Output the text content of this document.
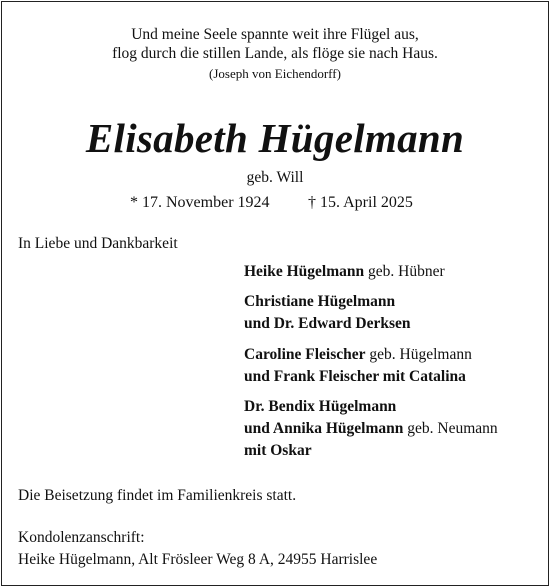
Und meine Seele spannte weit ihre Flügel aus,
flog durch die stillen Lande, als flöge sie nach Haus.
(Joseph von Eichendorff)
Elisabeth Hügelmann
geb. Will
* 17. November 1924 † 15. April 2025
In Liebe und Dankbarkeit
Heike Hügelmann geb. Hübner
Christiane Hügelmann
und Dr. Edward Derksen
Caroline Fleischer geb. Hügelmann
und Frank Fleischer mit Catalina
Dr. Bendix Hügelmann
und Annika Hügelmann geb. Neumann
mit Oskar
Die Beisetzung findet im Familienkreis statt.
Kondolenzanschrift:
Heike Hügelmann, Alt Frösleer Weg 8 A, 24955 Harrislee
